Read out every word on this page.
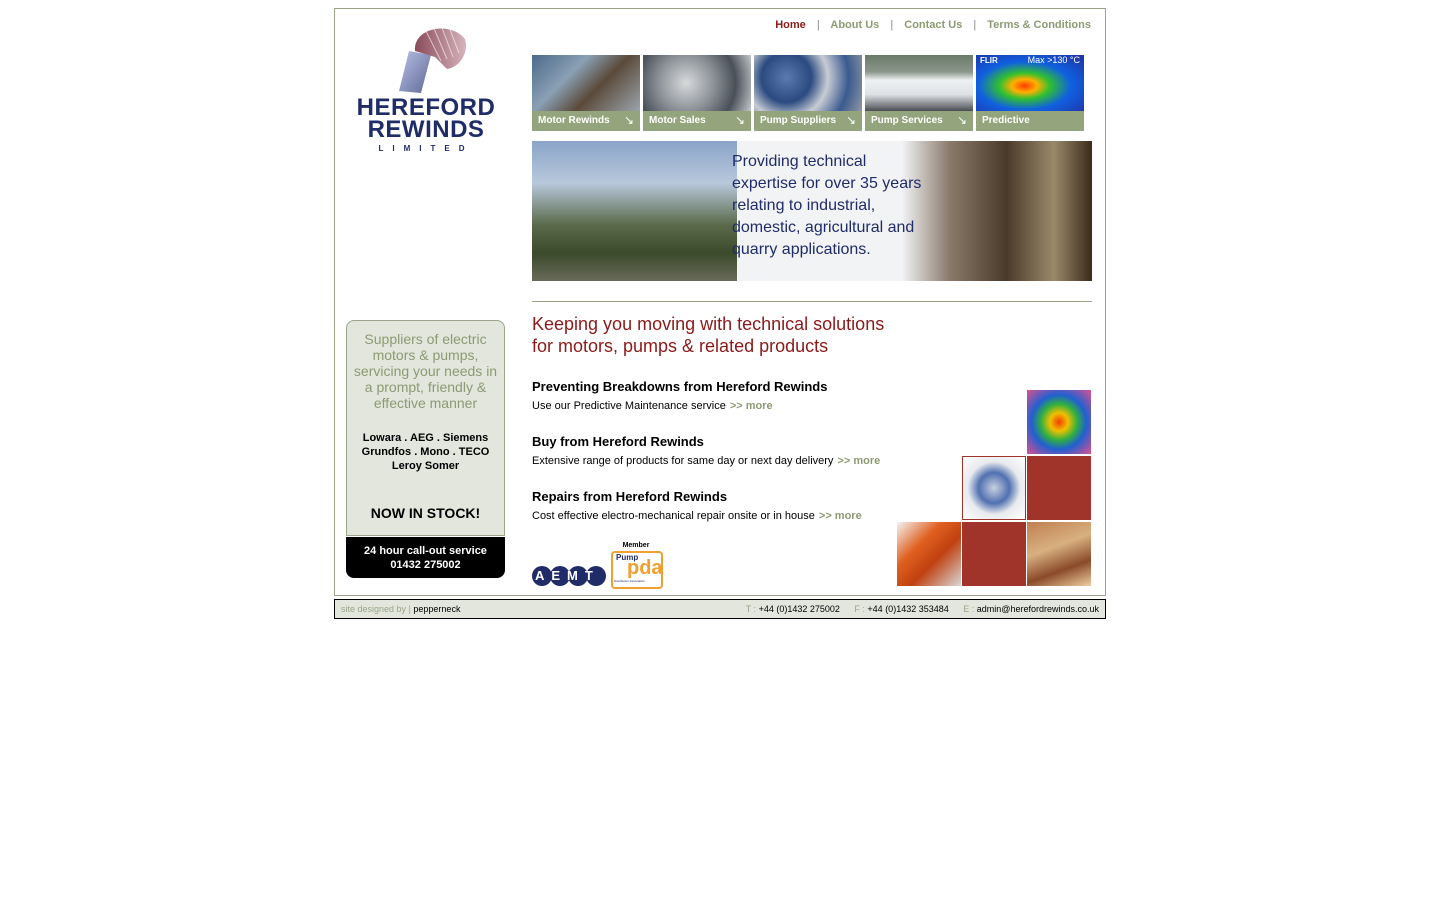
HEREFORD
REWINDS
LIMITED
Home | About Us | Contact Us | Terms & Conditions
Motor Rewinds	↘	Motor Sales	↘	Pump Suppliers ↘	Pump Services	↘
FLIR	Max >130 °C
Predictive
Providing technical
expertise for over 35 years
relating to industrial,
domestic, agricultural and
quarry applications.
Keeping you moving with technical solutions
for motors, pumps & related products
Preventing Breakdowns from Hereford Rewinds

Use our Predictive Maintenance service >> more

Buy from Hereford Rewinds

Extensive range of products for same day or next day delivery >> more

Repairs from Hereford Rewinds

Cost effective electro-mechanical repair onsite or in house >> more

Suppliers of electric
motors & pumps,
servicing your needs in
a prompt, friendly &
effective manner
Lowara . AEG . Siemens
Grundfos . Mono . TECO
Leroy Somer
NOW IN STOCK!
24 hour call-out service
01432 275002
AEMT
Member
Pump
pda
Distribution Association
site designed by | pepperneck	T : +44 (0)1432 275002 F : +44 (0)1432 353484 E : admin@herefordrewinds.co.uk
